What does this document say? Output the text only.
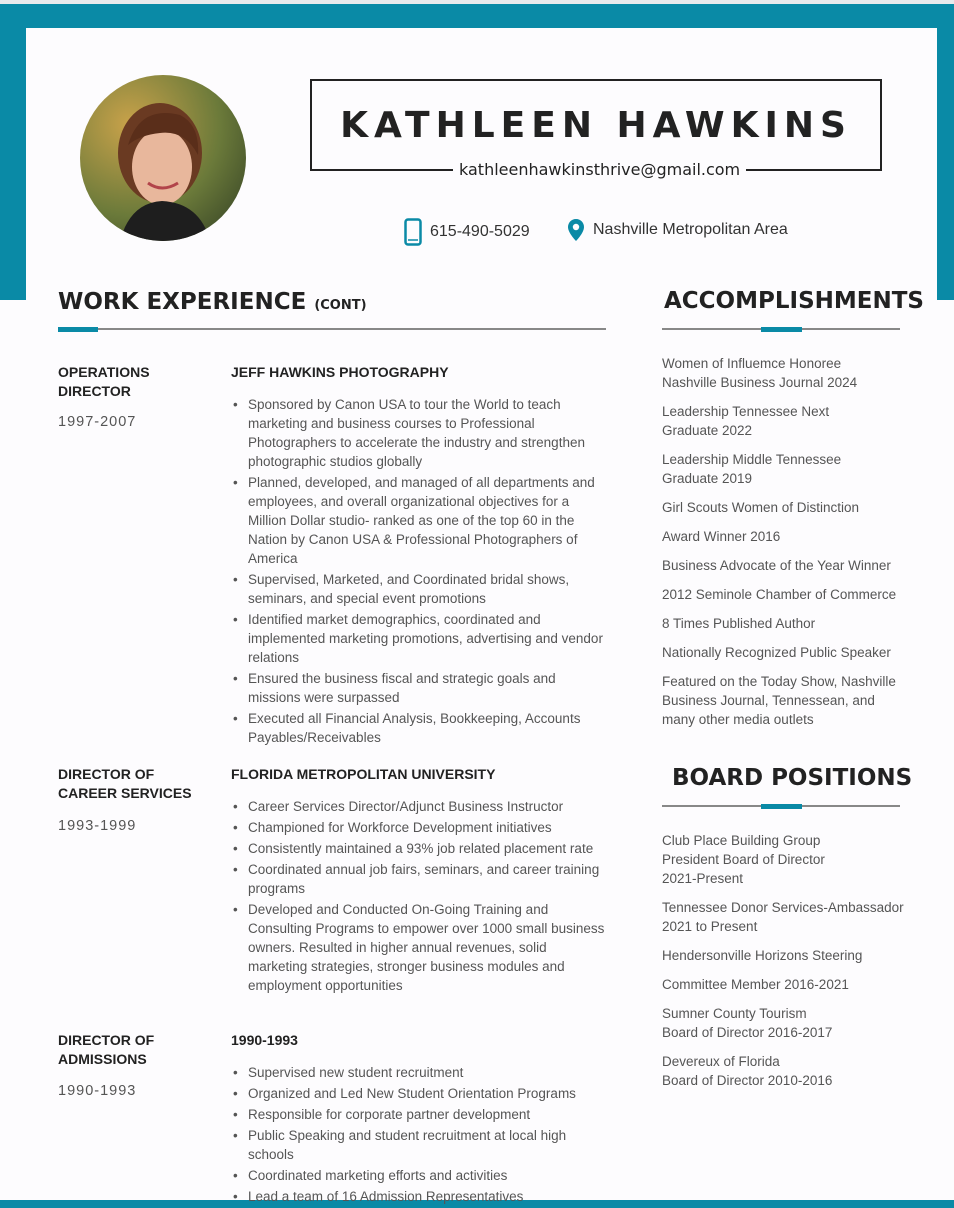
KATHLEEN HAWKINS
kathleenhawkinsthrive@gmail.com
615-490-5029	Nashville Metropolitan Area
WORK EXPERIENCE (CONT)
OPERATIONS DIRECTOR
1997-2007
JEFF HAWKINS PHOTOGRAPHY
• Sponsored by Canon USA to tour the World to teach marketing and business courses to Professional Photographers to accelerate the industry and strengthen photographic studios globally
• Planned, developed, and managed of all departments and employees, and overall organizational objectives for a Million Dollar studio- ranked as one of the top 60 in the Nation by Canon USA & Professional Photographers of America
• Supervised, Marketed, and Coordinated bridal shows, seminars, and special event promotions
• Identified market demographics, coordinated and implemented marketing promotions, advertising and vendor relations
• Ensured the business fiscal and strategic goals and missions were surpassed
• Executed all Financial Analysis, Bookkeeping, Accounts Payables/Receivables
DIRECTOR OF CAREER SERVICES
1993-1999
FLORIDA METROPOLITAN UNIVERSITY
• Career Services Director/Adjunct Business Instructor
• Championed for Workforce Development initiatives
• Consistently maintained a 93% job related placement rate
• Coordinated annual job fairs, seminars, and career training programs
• Developed and Conducted On-Going Training and Consulting Programs to empower over 1000 small business owners. Resulted in higher annual revenues, solid marketing strategies, stronger business modules and employment opportunities
DIRECTOR OF ADMISSIONS
1990-1993
1990-1993
• Supervised new student recruitment
• Organized and Led New Student Orientation Programs
• Responsible for corporate partner development
• Public Speaking and student recruitment at local high schools
• Coordinated marketing efforts and activities
• Lead a team of 16 Admission Representatives
ACCOMPLISHMENTS
Women of Influemce Honoree
Nashville Business Journal 2024
Leadership Tennessee Next
Graduate 2022
Leadership Middle Tennessee
Graduate 2019
Girl Scouts Women of Distinction
Award Winner 2016
Business Advocate of the Year Winner
2012 Seminole Chamber of Commerce
8 Times Published Author
Nationally Recognized Public Speaker
Featured on the Today Show, Nashville
Business Journal, Tennessean, and
many other media outlets
BOARD POSITIONS
Club Place Building Group
President Board of Director
2021-Present
Tennessee Donor Services-Ambassador
2021 to Present
Hendersonville Horizons Steering
Committee Member 2016-2021
Sumner County Tourism
Board of Director 2016-2017
Devereux of Florida
Board of Director 2010-2016
